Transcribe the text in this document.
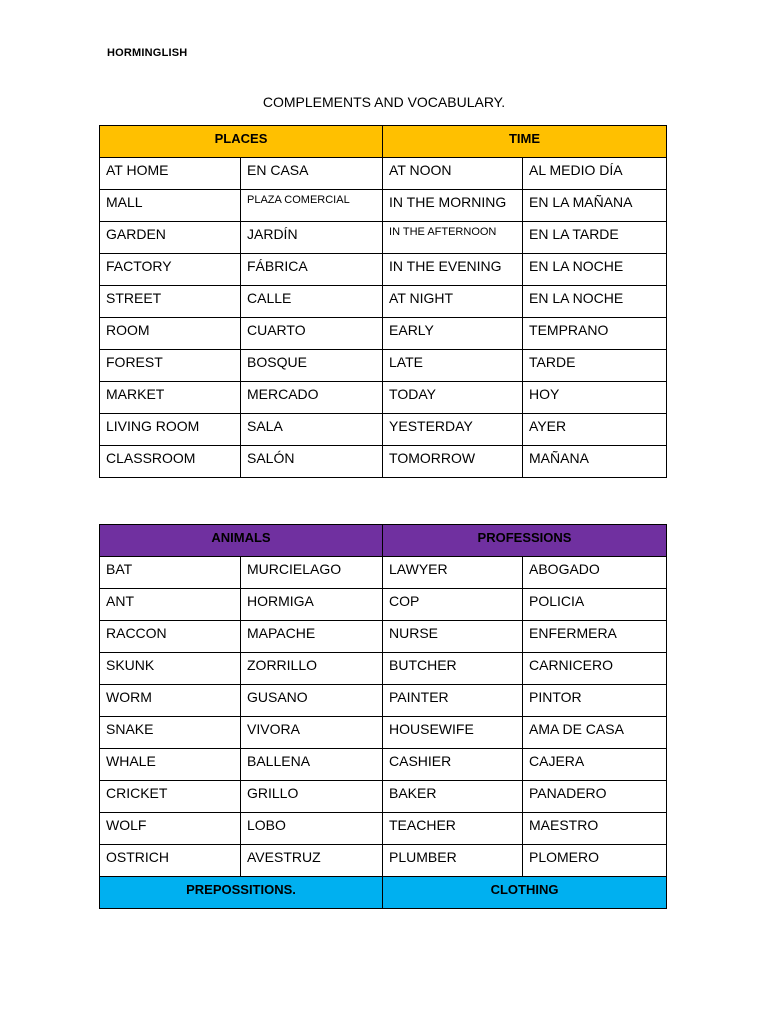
HORMINGLISH
COMPLEMENTS AND VOCABULARY.
PLACES		TIME	
AT HOME	EN CASA	AT NOON	AL MEDIO DÍA
MALL	PLAZA COMERCIAL	IN THE MORNING	EN LA MAÑANA
GARDEN	JARDÍN	IN THE AFTERNOON	EN LA TARDE
FACTORY	FÁBRICA	IN THE EVENING	EN LA NOCHE
STREET	CALLE	AT NIGHT	EN LA NOCHE
ROOM	CUARTO	EARLY	TEMPRANO
FOREST	BOSQUE	LATE	TARDE
MARKET	MERCADO	TODAY	HOY
LIVING ROOM	SALA	YESTERDAY	AYER
CLASSROOM	SALÓN	TOMORROW	MAÑANA
ANIMALS		PROFESSIONS	
BAT	MURCIELAGO	LAWYER	ABOGADO
ANT	HORMIGA	COP	POLICIA
RACCON	MAPACHE	NURSE	ENFERMERA
SKUNK	ZORRILLO	BUTCHER	CARNICERO
WORM	GUSANO	PAINTER	PINTOR
SNAKE	VIVORA	HOUSEWIFE	AMA DE CASA
WHALE	BALLENA	CASHIER	CAJERA
CRICKET	GRILLO	BAKER	PANADERO
WOLF	LOBO	TEACHER	MAESTRO
OSTRICH	AVESTRUZ	PLUMBER	PLOMERO
PREPOSSITIONS.		CLOTHING	
